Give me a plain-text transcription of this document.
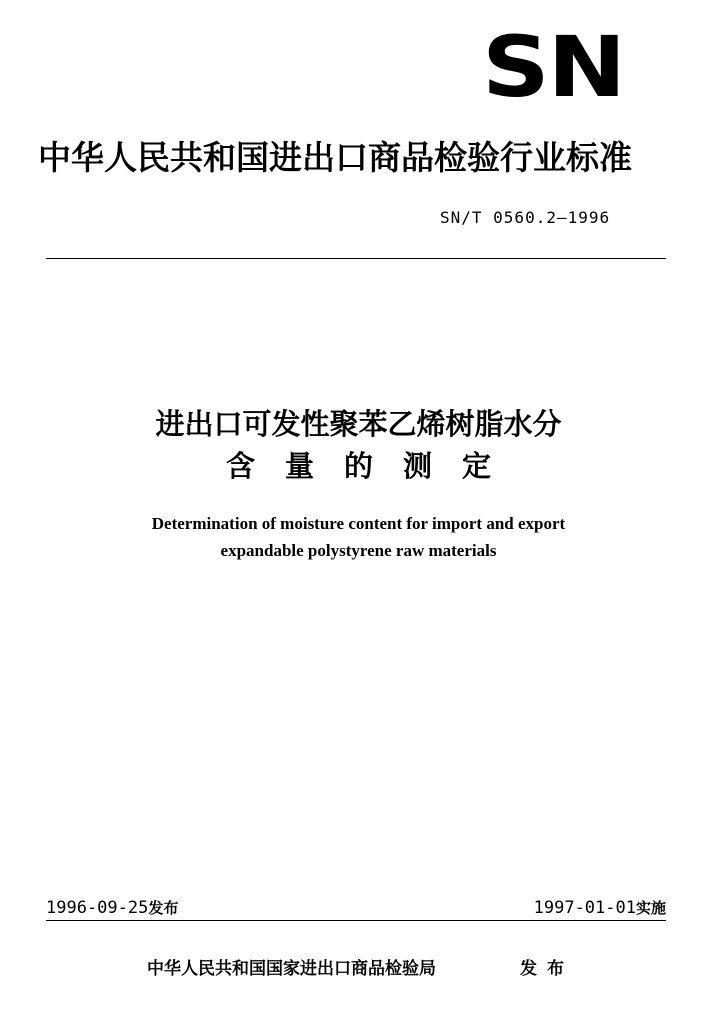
SN
中华人民共和国进出口商品检验行业标准
SN/T 0560.2—1996
进出口可发性聚苯乙烯树脂水分
含量的测定
Determination of moisture content for import and export
expandable polystyrene raw materials
1996-09-25发布	1997-01-01实施
中华人民共和国国家进出口商品检验局	发布
